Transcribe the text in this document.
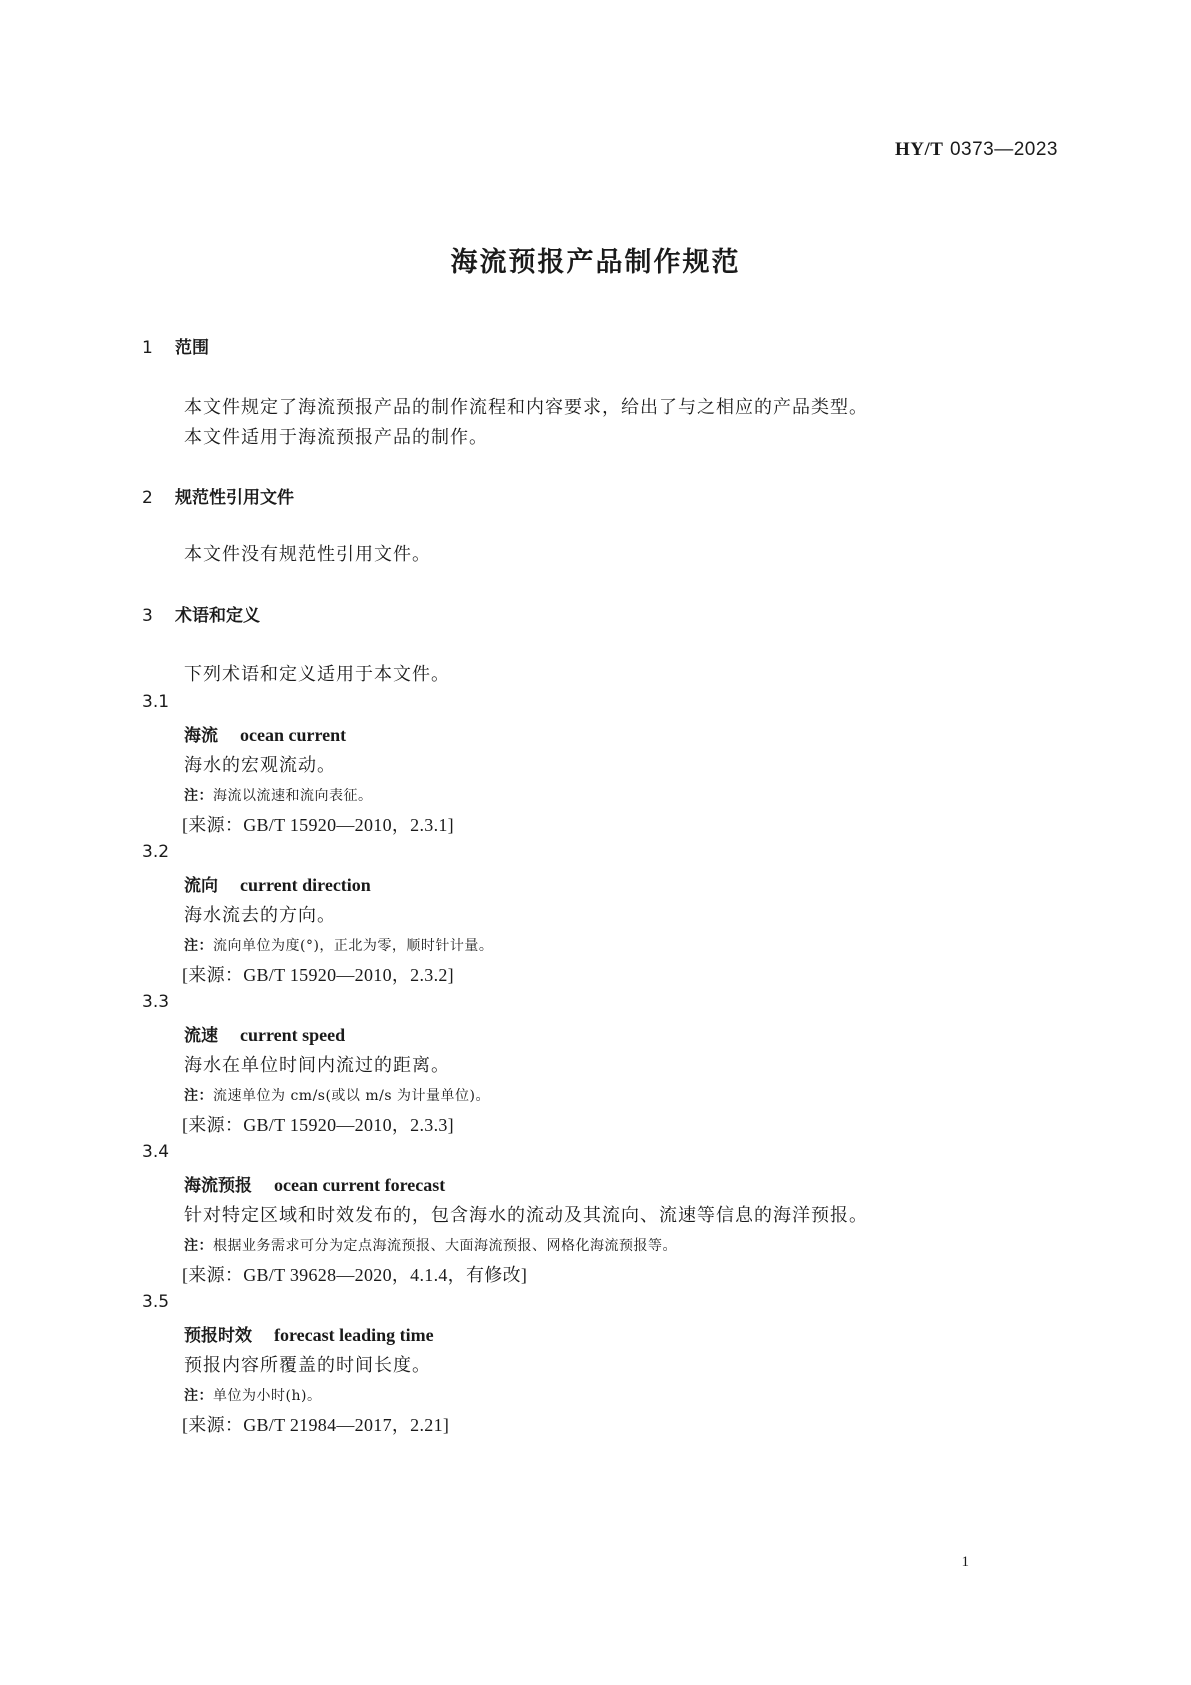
HY/T 0373—2023
海流预报产品制作规范
1 范围
本文件规定了海流预报产品的制作流程和内容要求，给出了与之相应的产品类型。
本文件适用于海流预报产品的制作。
2 规范性引用文件
本文件没有规范性引用文件。
3 术语和定义
下列术语和定义适用于本文件。
3.1
海流 ocean current
海水的宏观流动。
注：海流以流速和流向表征。
[来源：GB/T 15920—2010，2.3.1]
3.2
流向 current direction
海水流去的方向。
注：流向单位为度(°)，正北为零，顺时针计量。
[来源：GB/T 15920—2010，2.3.2]
3.3
流速 current speed
海水在单位时间内流过的距离。
注：流速单位为 cm/s(或以 m/s 为计量单位)。
[来源：GB/T 15920—2010，2.3.3]
3.4
海流预报 ocean current forecast
针对特定区域和时效发布的，包含海水的流动及其流向、流速等信息的海洋预报。
注：根据业务需求可分为定点海流预报、大面海流预报、网格化海流预报等。
[来源：GB/T 39628—2020，4.1.4，有修改]
3.5
预报时效 forecast leading time
预报内容所覆盖的时间长度。
注：单位为小时(h)。
[来源：GB/T 21984—2017，2.21]
1
